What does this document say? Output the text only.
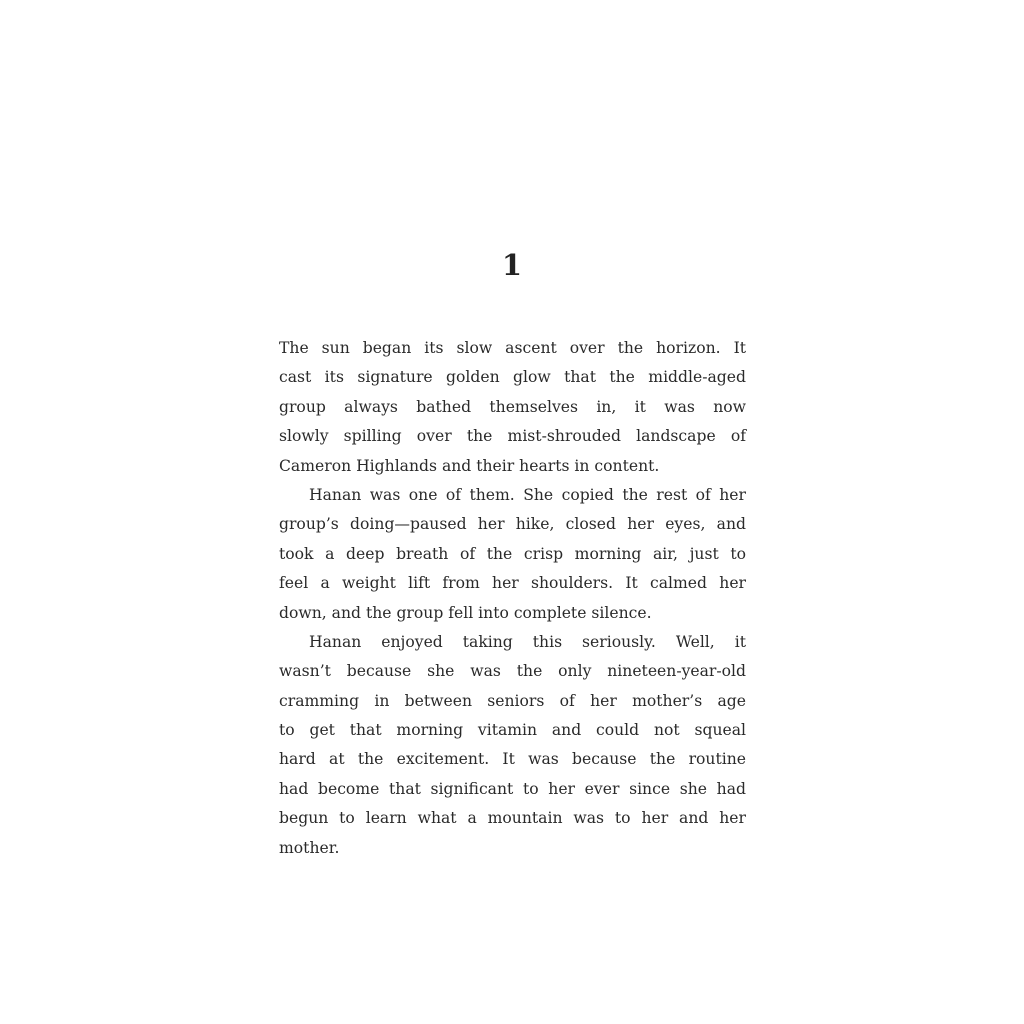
1
The sun began its slow ascent over the horizon. It
cast its signature golden glow that the middle-aged
group always bathed themselves in, it was now
slowly spilling over the mist-shrouded landscape of
Cameron Highlands and their hearts in content.
Hanan was one of them. She copied the rest of her
group’s doing—paused her hike, closed her eyes, and
took a deep breath of the crisp morning air, just to
feel a weight lift from her shoulders. It calmed her
down, and the group fell into complete silence.
Hanan enjoyed taking this seriously. Well, it
wasn’t because she was the only nineteen-year-old
cramming in between seniors of her mother’s age
to get that morning vitamin and could not squeal
hard at the excitement. It was because the routine
had become that significant to her ever since she had
begun to learn what a mountain was to her and her
mother.
